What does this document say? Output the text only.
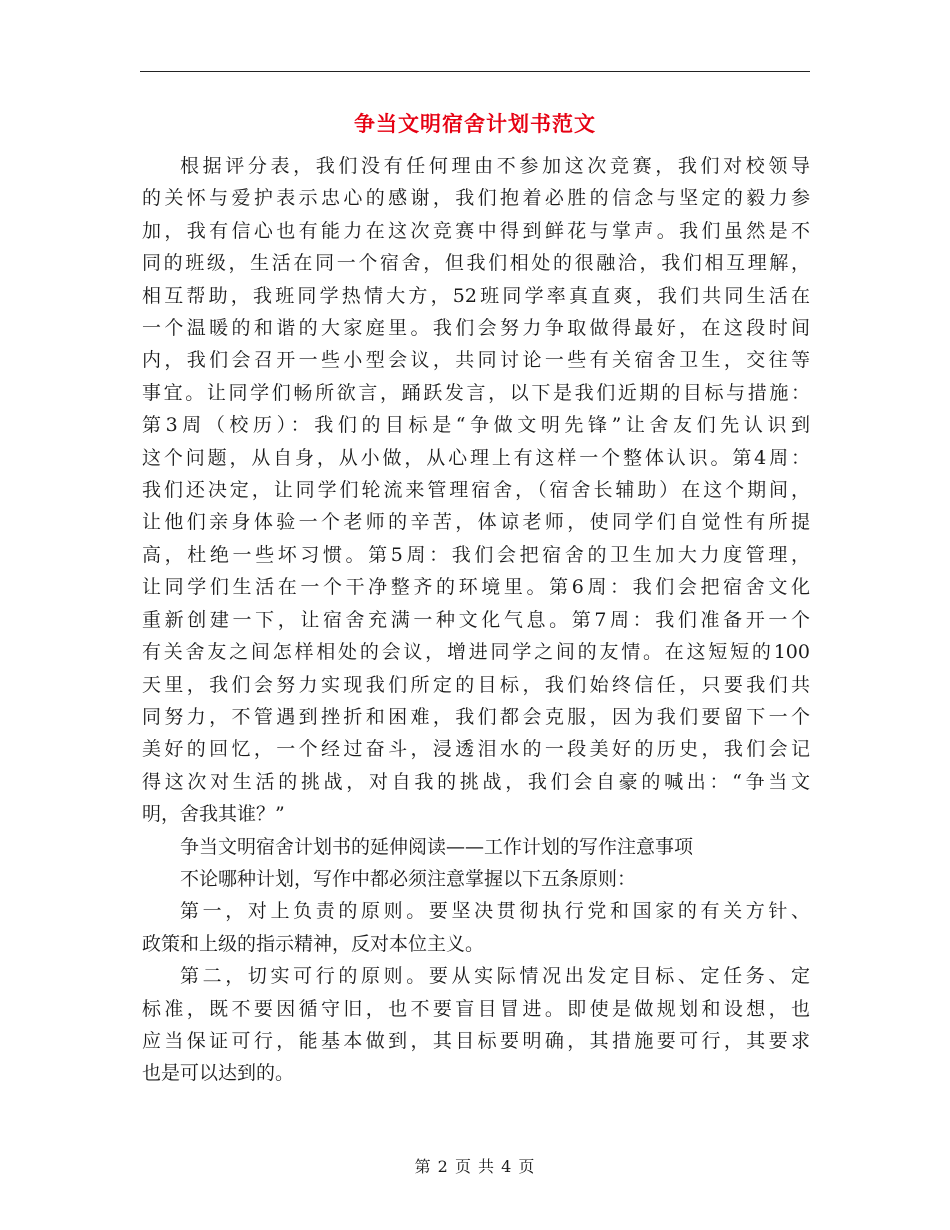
争当文明宿舍计划书范文

根据评分表，我们没有任何理由不参加这次竞赛，我们对校领导
的关怀与爱护表示忠心的感谢，我们抱着必胜的信念与坚定的毅力参
加，我有信心也有能力在这次竞赛中得到鲜花与掌声。我们虽然是不
同的班级，生活在同一个宿舍，但我们相处的很融洽，我们相互理解，
相互帮助，我班同学热情大方，52班同学率真直爽，我们共同生活在
一个温暖的和谐的大家庭里。我们会努力争取做得最好，在这段时间
内，我们会召开一些小型会议，共同讨论一些有关宿舍卫生，交往等
事宜。让同学们畅所欲言，踊跃发言，以下是我们近期的目标与措施：
第3周（校历）：我们的目标是“争做文明先锋”让舍友们先认识到
这个问题，从自身，从小做，从心理上有这样一个整体认识。第4周：
我们还决定，让同学们轮流来管理宿舍，（宿舍长辅助）在这个期间，
让他们亲身体验一个老师的辛苦，体谅老师，使同学们自觉性有所提
高，杜绝一些坏习惯。第5周：我们会把宿舍的卫生加大力度管理，
让同学们生活在一个干净整齐的环境里。第6周：我们会把宿舍文化
重新创建一下，让宿舍充满一种文化气息。第7周：我们准备开一个
有关舍友之间怎样相处的会议，增进同学之间的友情。在这短短的100
天里，我们会努力实现我们所定的目标，我们始终信任，只要我们共
同努力，不管遇到挫折和困难，我们都会克服，因为我们要留下一个
美好的回忆，一个经过奋斗，浸透泪水的一段美好的历史，我们会记
得这次对生活的挑战，对自我的挑战，我们会自豪的喊出：“争当文
明，舍我其谁？”

争当文明宿舍计划书的延伸阅读——工作计划的写作注意事项

不论哪种计划，写作中都必须注意掌握以下五条原则：

第一，对上负责的原则。要坚决贯彻执行党和国家的有关方针、
政策和上级的指示精神，反对本位主义。

第二，切实可行的原则。要从实际情况出发定目标、定任务、定
标准，既不要因循守旧，也不要盲目冒进。即使是做规划和设想，也
应当保证可行，能基本做到，其目标要明确，其措施要可行，其要求
也是可以达到的。

第 2 页 共 4 页
